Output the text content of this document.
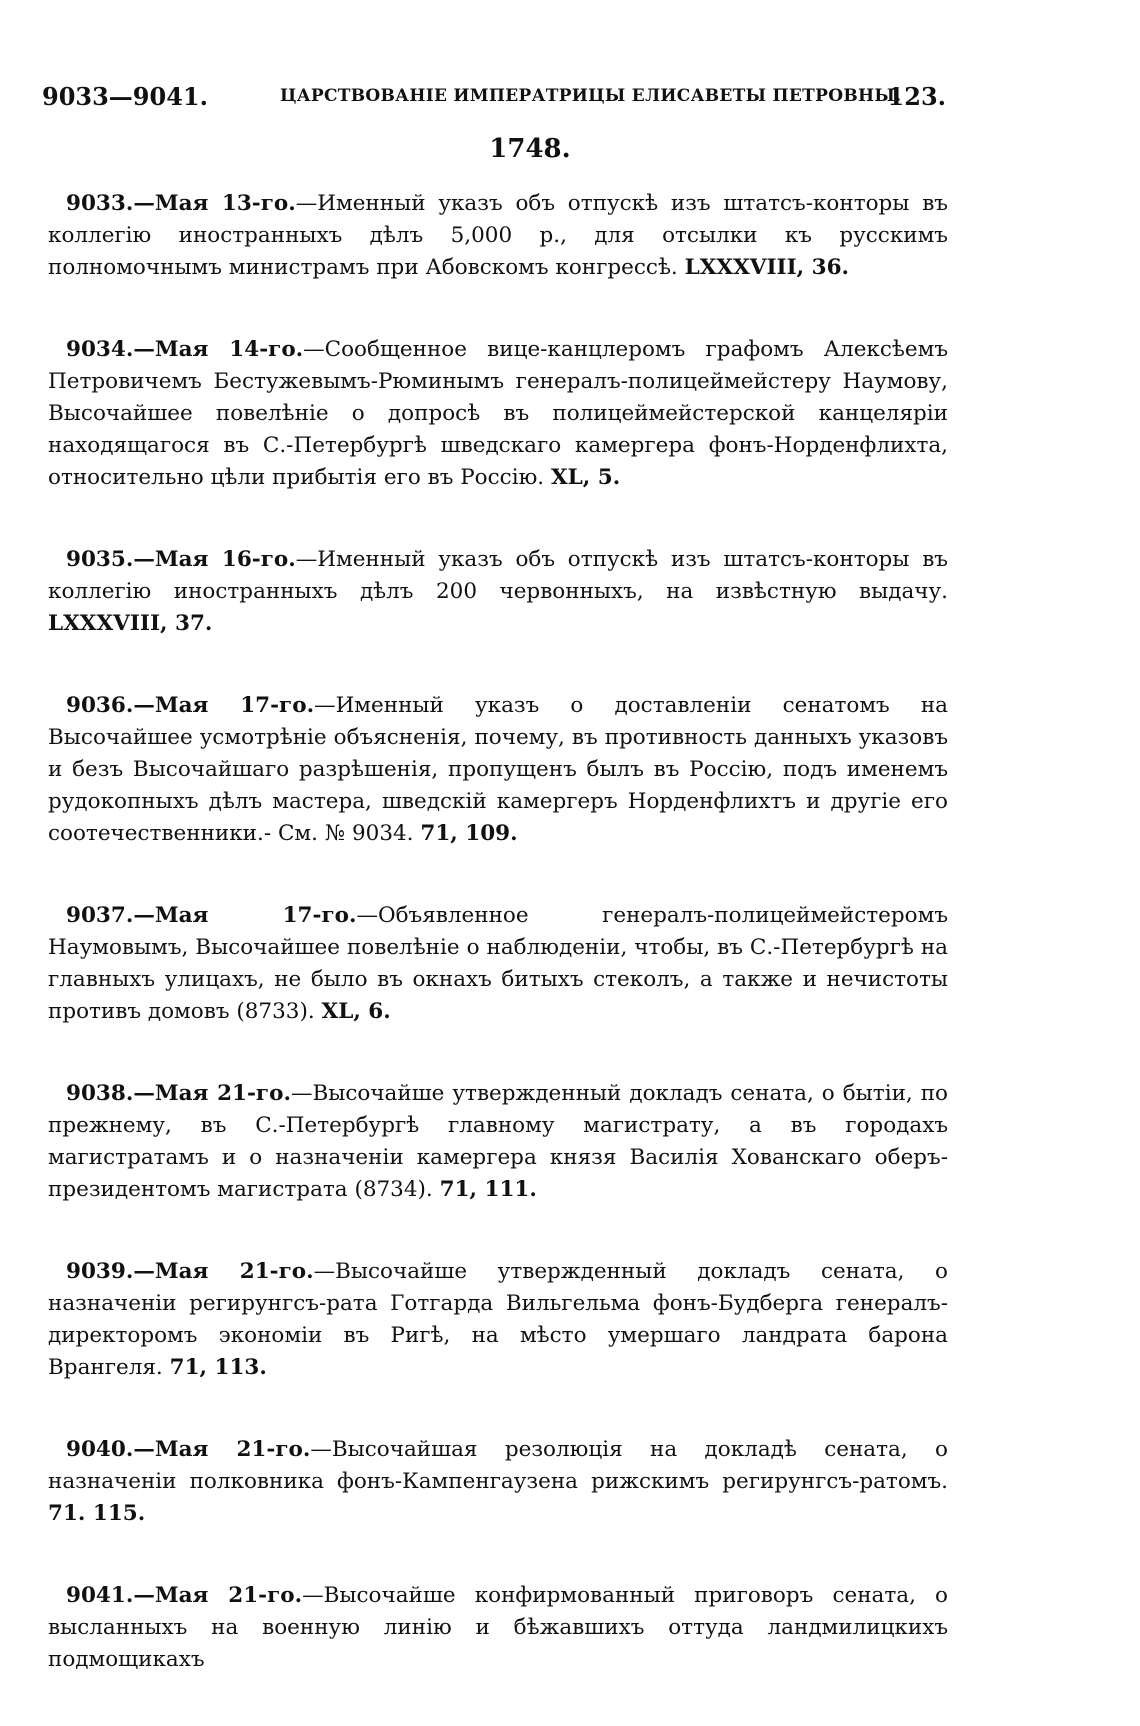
9033—9041.	ЦАРСТВОВАНІЕ ИМПЕРАТРИЦЫ ЕЛИСАВЕТЫ ПЕТРОВНЫ.
123.
1748.

9033.—Мая 13-го.—Именный указъ объ отпускѣ изъ штатсъ-конторы въ коллегію иностранныхъ дѣлъ 5,000 р., для отсылки къ русскимъ полномочнымъ министрамъ при Абовскомъ конгрессѣ. LXXXVIII, 36.

9034.—Мая 14-го.—Сообщенное вице-канцлеромъ графомъ Алексѣемъ Петровичемъ Бестужевымъ-Рюминымъ генералъ-полицеймейстеру Наумову, Высочайшее повелѣніе о допросѣ въ полицеймейстерской канцеляріи находящагося въ С.-Петербургѣ шведскаго камергера фонъ-Норденфлихта, относительно цѣли прибытія его въ Россію. XL, 5.

9035.—Мая 16-го.—Именный указъ объ отпускѣ изъ штатсъ-конторы въ коллегію иностранныхъ дѣлъ 200 червонныхъ, на извѣстную выдачу. LXXXVIII, 37.

9036.—Мая 17-го.—Именный указъ о доставленіи сенатомъ на Высочайшее усмотрѣніе объясненія, почему, въ противность данныхъ указовъ и безъ Высочайшаго разрѣшенія, пропущенъ былъ въ Россію, подъ именемъ рудокопныхъ дѣлъ мастера, шведскій камергеръ Норденфлихтъ и другіе его соотечественники.- См. № 9034. 71, 109.

9037.—Мая 17-го.—Объявленное генералъ-полицеймейстеромъ Наумовымъ, Высочайшее повелѣніе о наблюденіи, чтобы, въ С.-Петербургѣ на главныхъ улицахъ, не было въ окнахъ битыхъ стеколъ, а также и нечистоты противъ домовъ (8733). XL, 6.

9038.—Мая 21-го.—Высочайше утвержденный докладъ сената, о бытіи, по прежнему, въ С.-Петербургѣ главному магистрату, а въ городахъ магистратамъ и о назначеніи камергера князя Василія Хованскаго оберъ-президентомъ магистрата (8734). 71, 111.

9039.—Мая 21-го.—Высочайше утвержденный докладъ сената, о назначеніи регирунгсъ-рата Готгарда Вильгельма фонъ-Будберга генералъ-директоромъ экономіи въ Ригѣ, на мѣсто умершаго ландрата барона Врангеля. 71, 113.

9040.—Мая 21-го.—Высочайшая резолюція на докладѣ сената, о назначеніи полковника фонъ-Кампенгаузена рижскимъ регирунгсъ-ратомъ. 71. 115.

9041.—Мая 21-го.—Высочайше конфирмованный приговоръ сената, о высланныхъ на военную линію и бѣжавшихъ оттуда ландмилицкихъ подмощикахъ
